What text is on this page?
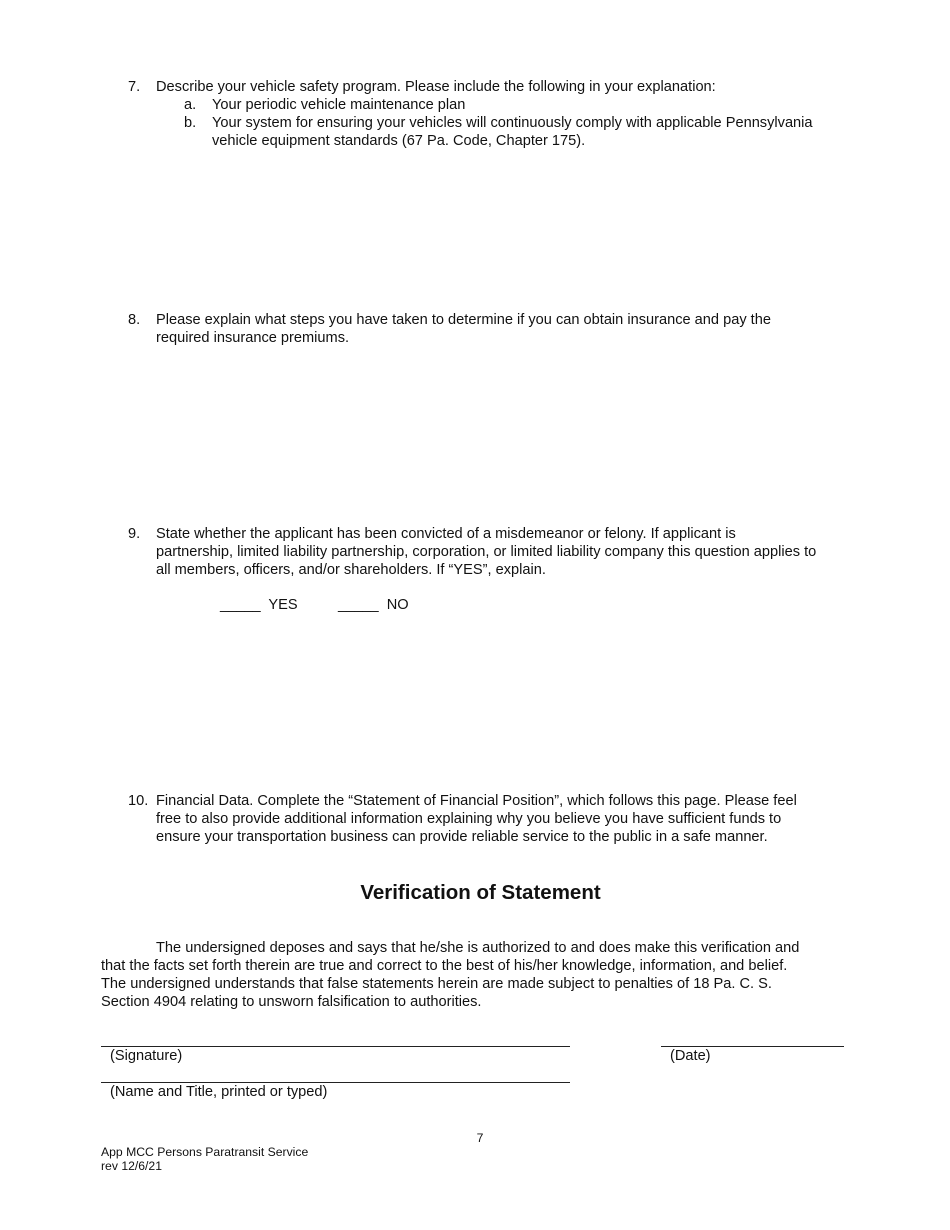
7. Describe your vehicle safety program. Please include the following in your explanation:
a. Your periodic vehicle maintenance plan
b. Your system for ensuring your vehicles will continuously comply with applicable Pennsylvania
vehicle equipment standards (67 Pa. Code, Chapter 175).
8. Please explain what steps you have taken to determine if you can obtain insurance and pay the
required insurance premiums.
9. State whether the applicant has been convicted of a misdemeanor or felony. If applicant is
partnership, limited liability partnership, corporation, or limited liability company this question applies to
all members, officers, and/or shareholders. If “YES”, explain.
_____  YES	_____  NO
10. Financial Data. Complete the “Statement of Financial Position”, which follows this page. Please feel
free to also provide additional information explaining why you believe you have sufficient funds to
ensure your transportation business can provide reliable service to the public in a safe manner.
Verification of Statement
The undersigned deposes and says that he/she is authorized to and does make this verification and
that the facts set forth therein are true and correct to the best of his/her knowledge, information, and belief.
The undersigned understands that false statements herein are made subject to penalties of 18 Pa. C. S.
Section 4904 relating to unsworn falsification to authorities.
(Signature)	(Date)
(Name and Title, printed or typed)
7
App MCC Persons Paratransit Service
rev 12/6/21
